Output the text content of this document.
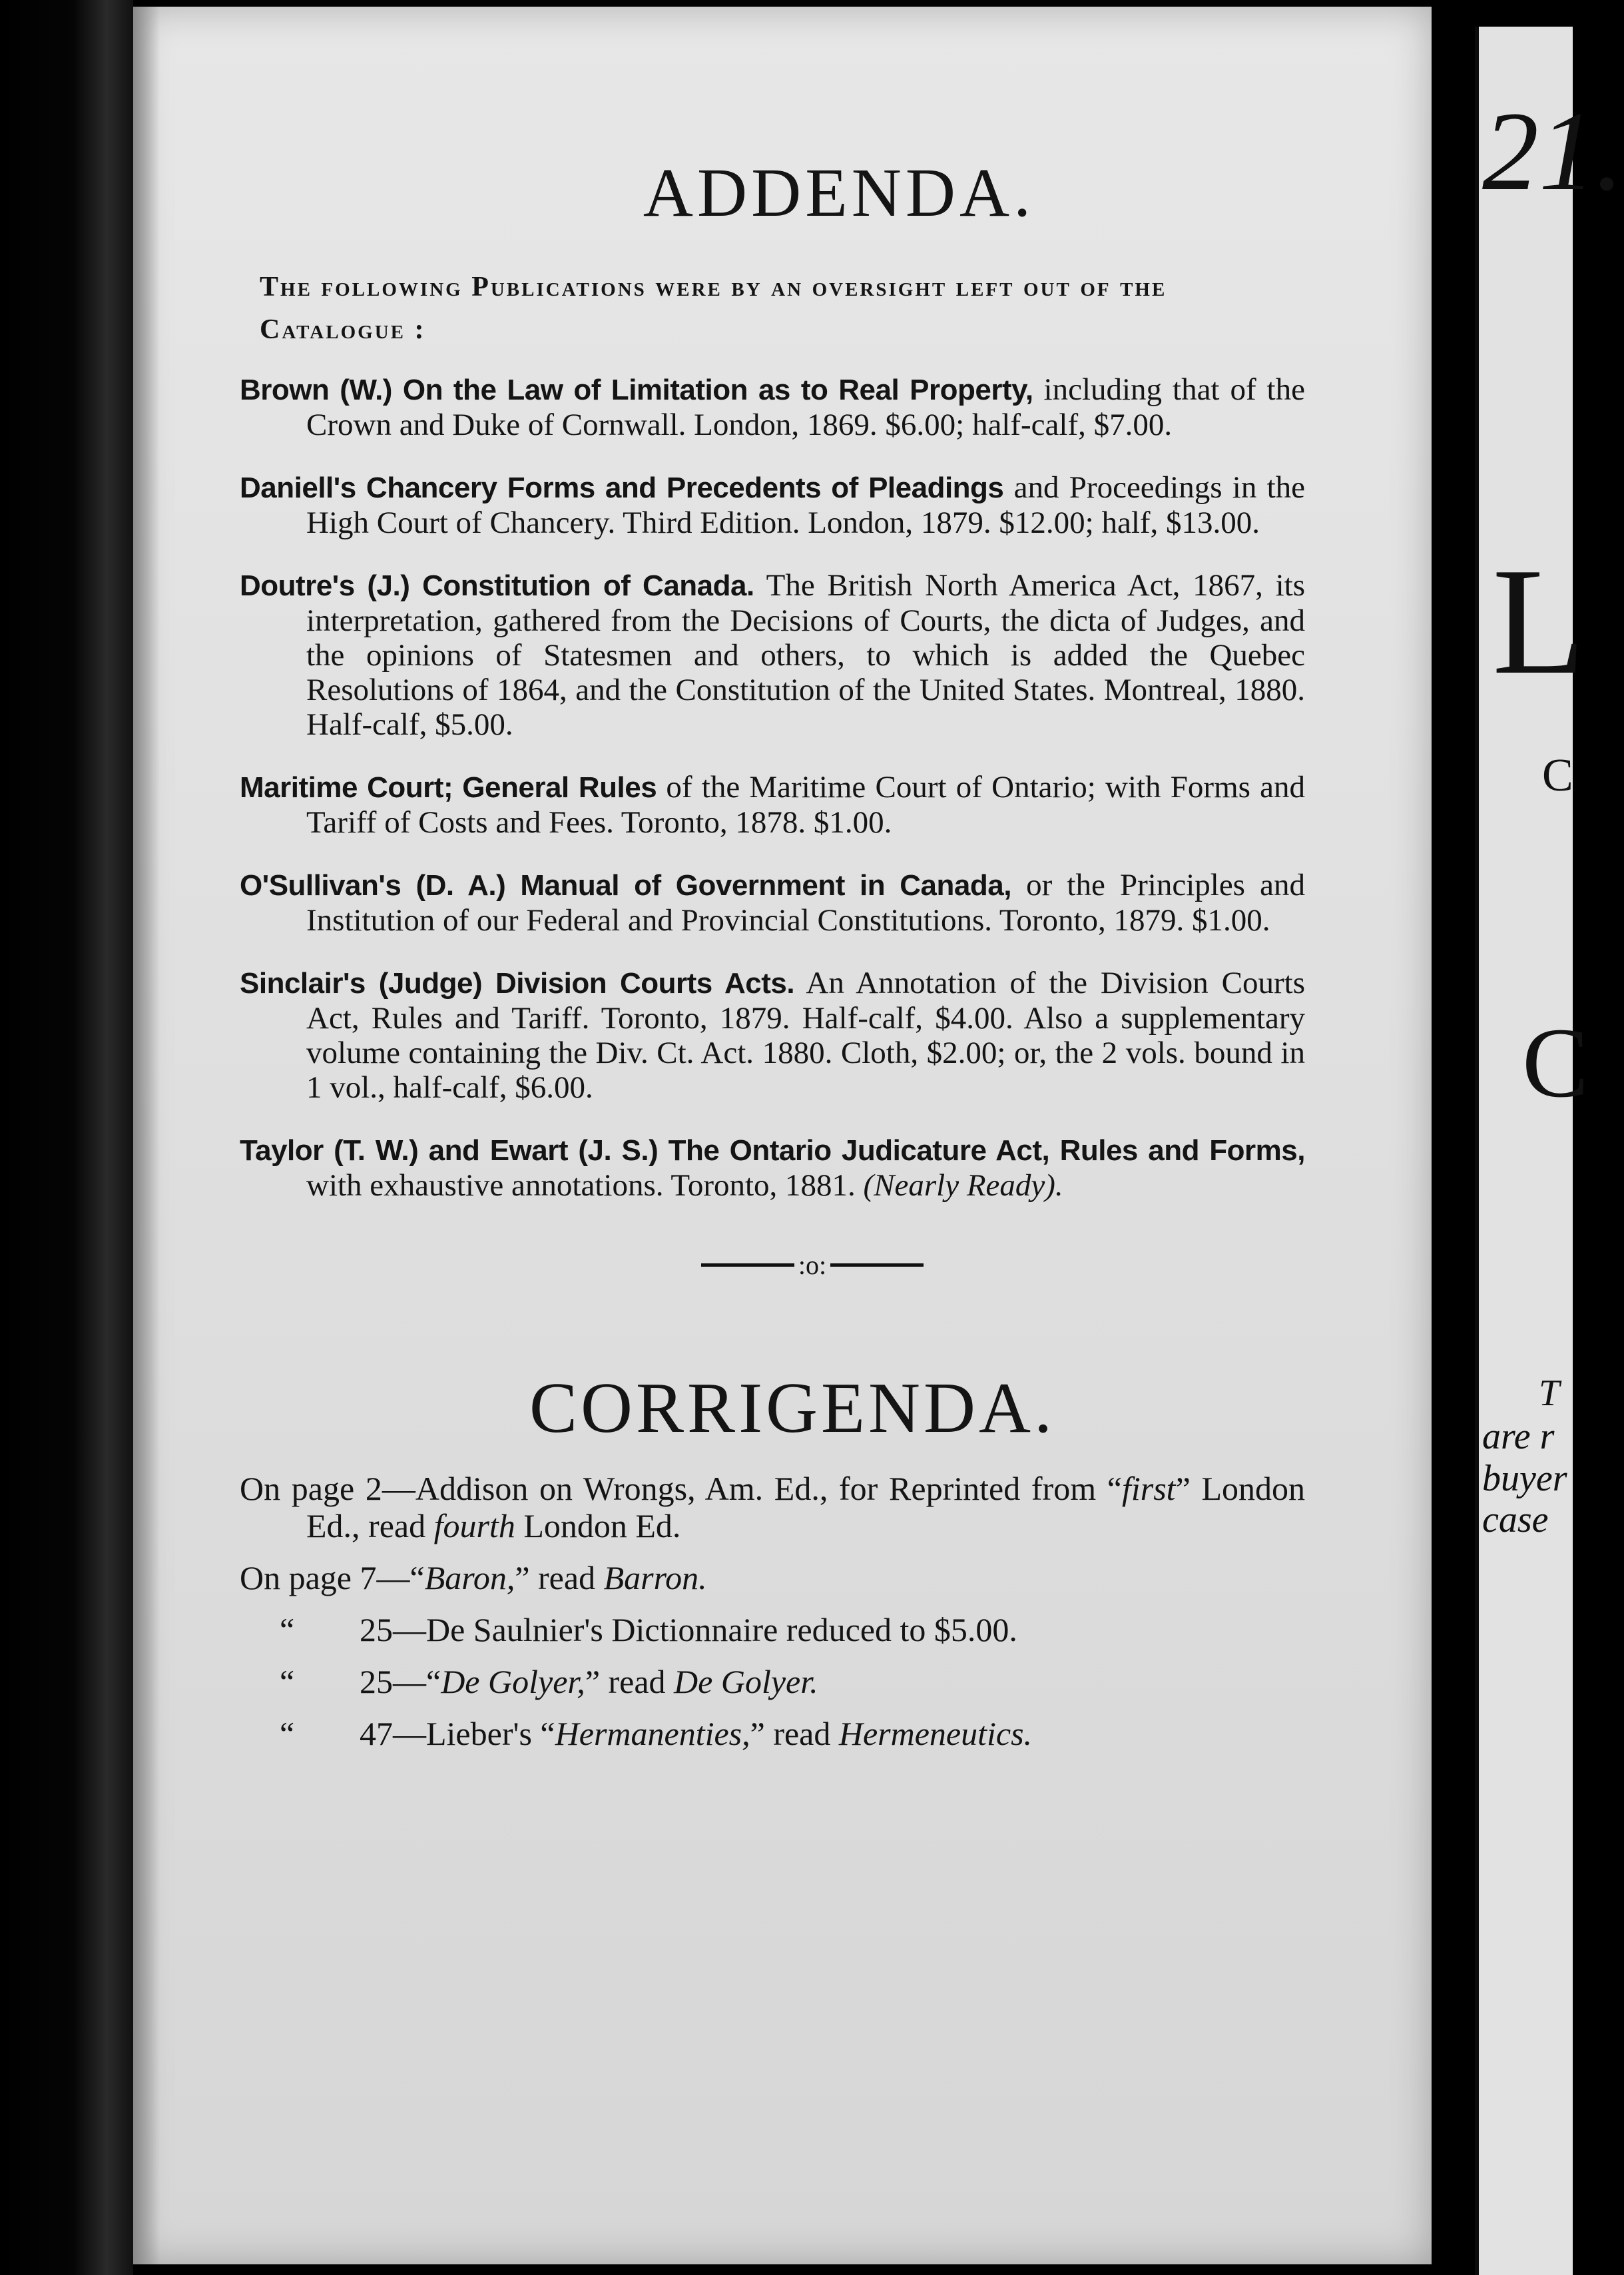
21.
L
C
C
T
are r
buyer
case
ADDENDA.
The following Publications were by an oversight left out of the Catalogue :
Brown (W.) On the Law of Limitation as to Real Property, including that of the Crown and Duke of Cornwall. London, 1869. $6.00; half-calf, $7.00.
Daniell's Chancery Forms and Precedents of Pleadings and Proceedings in the High Court of Chancery. Third Edition. London, 1879. $12.00; half, $13.00.
Doutre's (J.) Constitution of Canada. The British North America Act, 1867, its interpretation, gathered from the Decisions of Courts, the dicta of Judges, and the opinions of Statesmen and others, to which is added the Quebec Resolutions of 1864, and the Constitution of the United States. Montreal, 1880. Half-calf, $5.00.
Maritime Court; General Rules of the Maritime Court of Ontario; with Forms and Tariff of Costs and Fees. Toronto, 1878. $1.00.
O'Sullivan's (D. A.) Manual of Government in Canada, or the Principles and Institution of our Federal and Provincial Constitutions. Toronto, 1879. $1.00.
Sinclair's (Judge) Division Courts Acts. An Annotation of the Division Courts Act, Rules and Tariff. Toronto, 1879. Half-calf, $4.00. Also a supplementary volume containing the Div. Ct. Act. 1880. Cloth, $2.00; or, the 2 vols. bound in 1 vol., half-calf, $6.00.
Taylor (T. W.) and Ewart (J. S.) The Ontario Judicature Act, Rules and Forms, with exhaustive annotations. Toronto, 1881. (Nearly Ready).
:o:
CORRIGENDA.
On page 2—Addison on Wrongs, Am. Ed., for Reprinted from “first” London Ed., read fourth London Ed.
On page 7—“Baron,” read Barron.
“ 25—De Saulnier's Dictionnaire reduced to $5.00.
“ 25—“De Golyer,” read De Golyer.
“ 47—Lieber's “Hermanenties,” read Hermeneutics.
